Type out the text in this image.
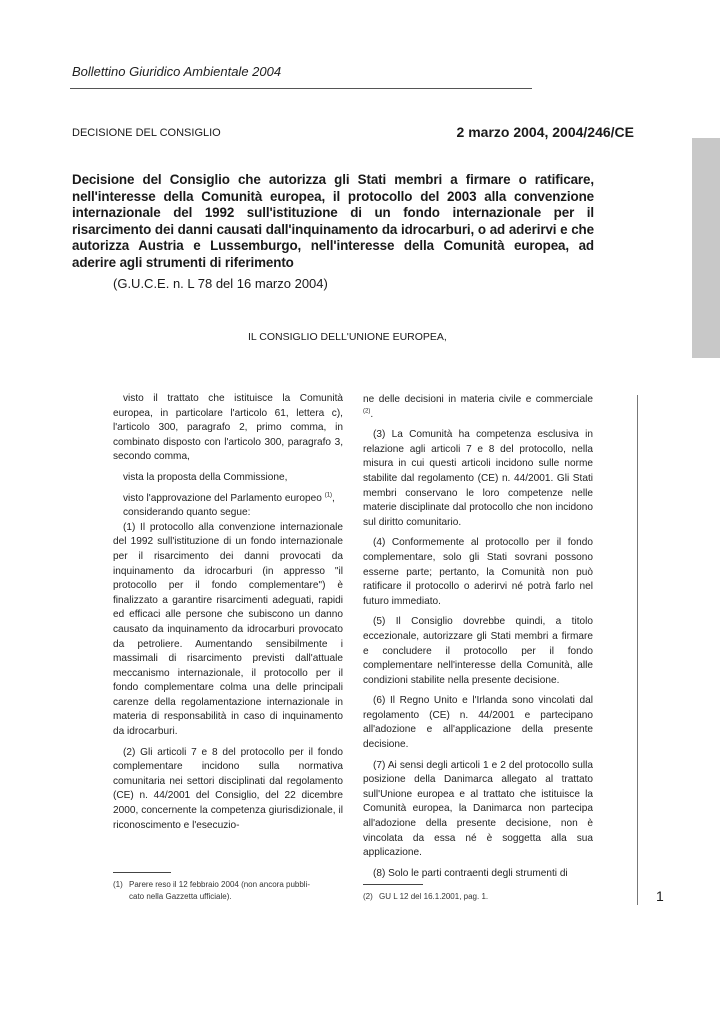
Bollettino Giuridico Ambientale 2004
DECISIONE DEL CONSIGLIO	2 marzo 2004, 2004/246/CE
Decisione del Consiglio che autorizza gli Stati membri a firmare o ratificare, nell'interesse della Comunità europea, il protocollo del 2003 alla convenzione internazionale del 1992 sull'istituzione di un fondo internazionale per il risarcimento dei danni causati dall'inquinamento da idrocarburi, o ad aderirvi e che autorizza Austria e Lussemburgo, nell'interesse della Comunità europea, ad aderire agli strumenti di riferimento
(G.U.C.E. n. L 78 del 16 marzo 2004)
IL CONSIGLIO DELL'UNIONE EUROPEA,

visto il trattato che istituisce la Comunità europea, in particolare l'articolo 61, lettera c), l'articolo 300, paragrafo 2, primo comma, in combinato disposto con l'articolo 300, paragrafo 3, secondo comma,

vista la proposta della Commissione,

visto l'approvazione del Parlamento europeo $^{(1)}$,

considerando quanto segue:

(1) Il protocollo alla convenzione internazionale del 1992 sull'istituzione di un fondo internazionale per il risarcimento dei danni provocati da inquinamento da idrocarburi (in appresso "il protocollo per il fondo complementare") è finalizzato a garantire risarcimenti adeguati, rapidi ed efficaci alle persone che subiscono un danno causato da inquinamento da idrocarburi provocato da petroliere. Aumentando sensibilmente i massimali di risarcimento previsti dall'attuale meccanismo internazionale, il protocollo per il fondo complementare colma una delle principali carenze della regolamentazione internazionale in materia di responsabilità in caso di inquinamento da idrocarburi.

(2) Gli articoli 7 e 8 del protocollo per il fondo complementare incidono sulla normativa comunitaria nei settori disciplinati dal regolamento (CE) n. 44/2001 del Consiglio, del 22 dicembre 2000, concernente la competenza giurisdizionale, il riconoscimento e l'esecuzio-

ne delle decisioni in materia civile e commerciale $^{(2)}$.

(3) La Comunità ha competenza esclusiva in relazione agli articoli 7 e 8 del protocollo, nella misura in cui questi articoli incidono sulle norme stabilite dal regolamento (CE) n. 44/2001. Gli Stati membri conservano le loro competenze nelle materie disciplinate dal protocollo che non incidono sul diritto comunitario.

(4) Conformemente al protocollo per il fondo complementare, solo gli Stati sovrani possono esserne parte; pertanto, la Comunità non può ratificare il protocollo o aderirvi né potrà farlo nel futuro immediato.

(5) Il Consiglio dovrebbe quindi, a titolo eccezionale, autorizzare gli Stati membri a firmare e concludere il protocollo per il fondo complementare nell'interesse della Comunità, alle condizioni stabilite nella presente decisione.

(6) Il Regno Unito e l'Irlanda sono vincolati dal regolamento (CE) n. 44/2001 e partecipano all'adozione e all'applicazione della presente decisione.

(7) Ai sensi degli articoli 1 e 2 del protocollo sulla posizione della Danimarca allegato al trattato sull'Unione europea e al trattato che istituisce la Comunità europea, la Danimarca non partecipa all'adozione della presente decisione, non è vincolata da essa né è soggetta alla sua applicazione.

(8) Solo le parti contraenti degli strumenti di

(1) Parere reso il 12 febbraio 2004 (non ancora pubbli-
cato nella Gazzetta ufficiale).	(2) GU L 12 del 16.1.2001, pag. 1.	1
